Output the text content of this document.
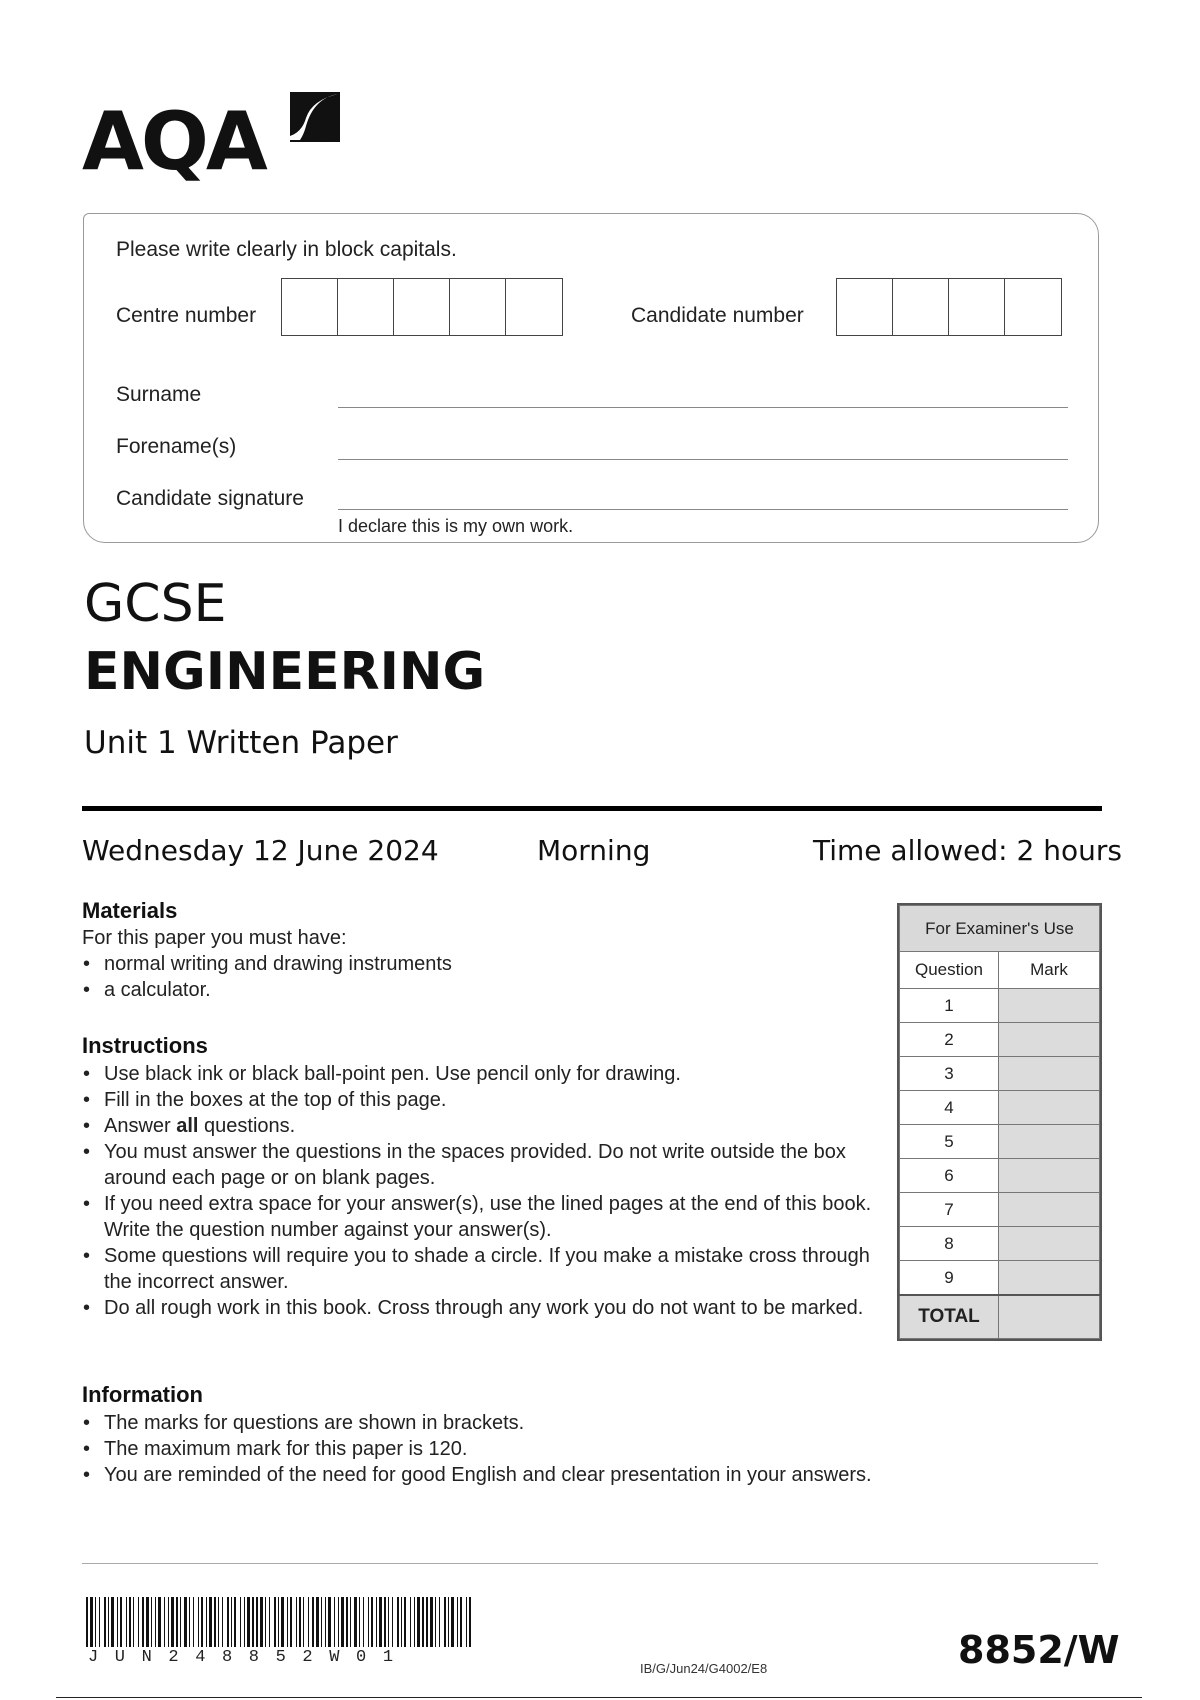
AQA
Please write clearly in block capitals.
Centre number	Candidate number
Surname
Forename(s)
Candidate signature
I declare this is my own work.
GCSE
ENGINEERING
Unit 1 Written Paper
Wednesday 12 June 2024	Morning	Time allowed: 2 hours
Materials
For this paper you must have:
• normal writing and drawing instruments
• a calculator.
Instructions
• Use black ink or black ball-point pen. Use pencil only for drawing.
• Fill in the boxes at the top of this page.
• Answer all questions.
• You must answer the questions in the spaces provided. Do not write outside the box around each page or on blank pages.
• If you need extra space for your answer(s), use the lined pages at the end of this book. Write the question number against your answer(s).
• Some questions will require you to shade a circle. If you make a mistake cross through the incorrect answer.
• Do all rough work in this book. Cross through any work you do not want to be marked.
Information
• The marks for questions are shown in brackets.
• The maximum mark for this paper is 120.
• You are reminded of the need for good English and clear presentation in your answers.
For Examiner's Use	
Question	Mark
1	
2	
3	
4	
5	
6	
7	
8	
9	
TOTAL	
JUN248852W01
IB/G/Jun24/G4002/E8	8852/W
